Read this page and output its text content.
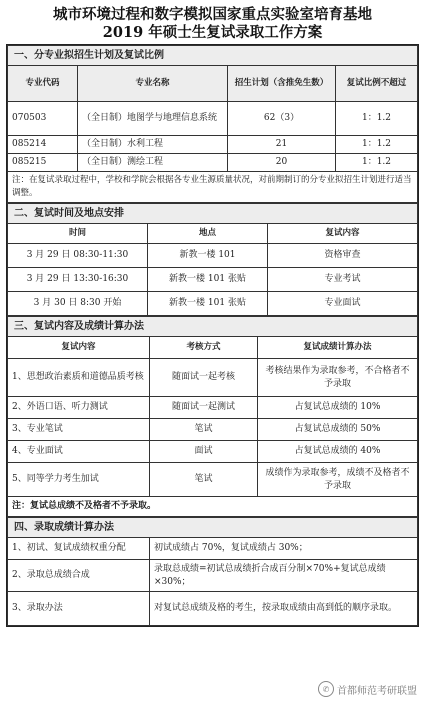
城市环境过程和数字模拟国家重点实验室培育基地
2019 年硕士生复试录取工作方案
一、分专业拟招生计划及复试比例			
专业代码	专业名称	招生计划（含推免生数）	复试比例不超过
070503	（全日制）地图学与地理信息系统	62（3）	1：1.2
085214	（全日制）水利工程	21	1：1.2
085215	（全日制）测绘工程	20	1：1.2
注：在复试录取过程中，学校和学院会根据各专业生源质量状况，对前期制订的分专业拟招生计划进行适当调整。			
二、复试时间及地点安排		
时间	地点	复试内容
3 月 29 日 08:30-11:30	新教一楼 101	资格审查
3 月 29 日 13:30-16:30	新教一楼 101 张贴	专业考试
3 月 30 日 8:30 开始	新教一楼 101 张贴	专业面试
三、复试内容及成绩计算办法		
复试内容	考核方式	复试成绩计算办法
1、思想政治素质和道德品质考核	随面试一起考核	考核结果作为录取参考，不合格者不予录取
2、外语口语、听力测试	随面试一起测试	占复试总成绩的 10%
3、专业笔试	笔试	占复试总成绩的 50%
4、专业面试	面试	占复试总成绩的 40%
5、同等学力考生加试	笔试	成绩作为录取参考，成绩不及格者不予录取
注：复试总成绩不及格者不予录取。		
四、录取成绩计算办法	
1、初试、复试成绩权重分配	初试成绩占 70%，复试成绩占 30%；
2、录取总成绩合成	录取总成绩=初试总成绩折合成百分制×70%+复试总成绩×30%；
3、录取办法	对复试总成绩及格的考生，按录取成绩由高到低的顺序录取。
✆ 首都师范考研联盟
